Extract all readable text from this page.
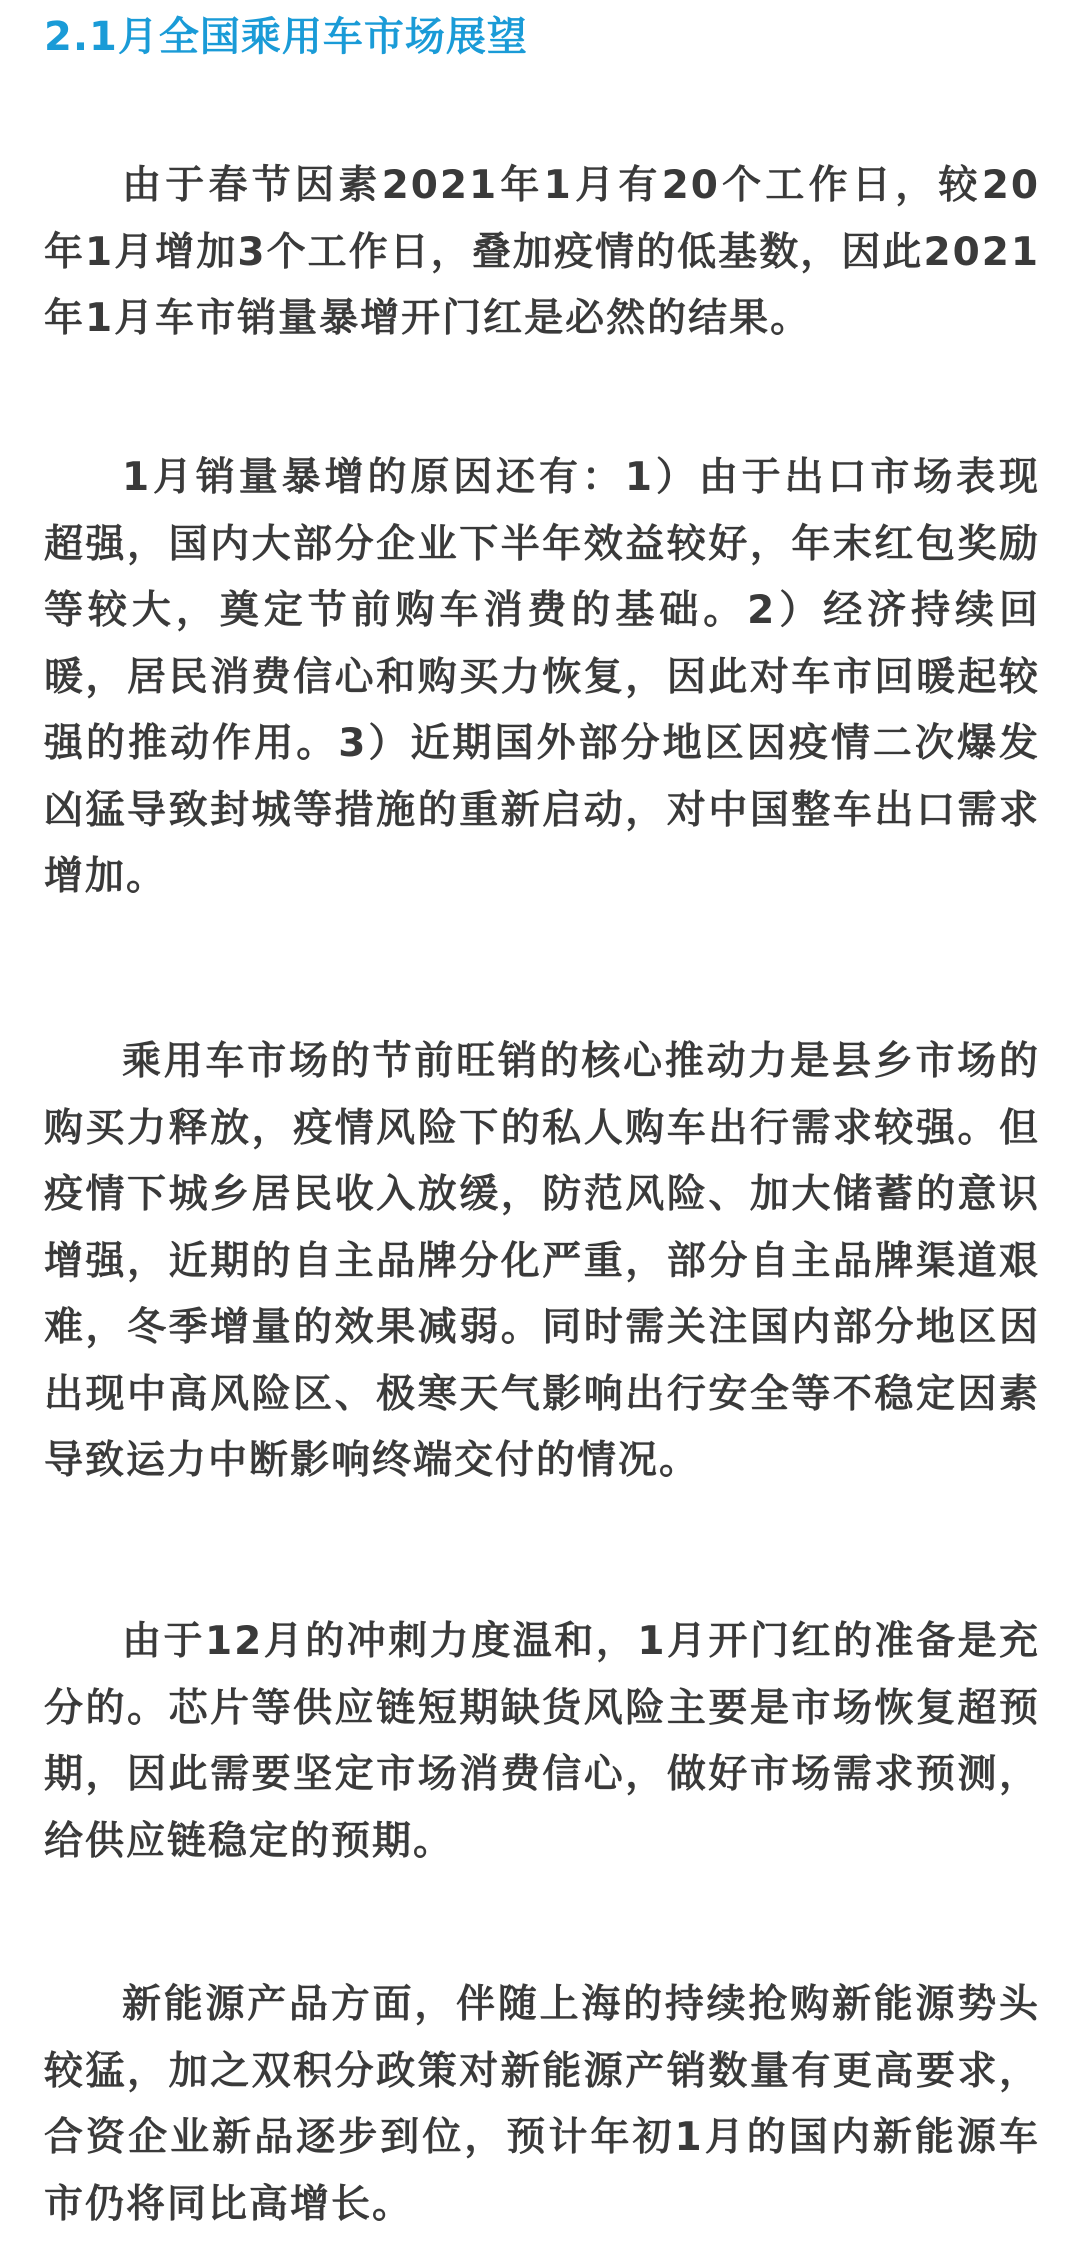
2.1月全国乘用车市场展望

由于春节因素2021年1月有20个工作日，较20年1月增加3个工作日，叠加疫情的低基数，因此2021年1月车市销量暴增开门红是必然的结果。

1月销量暴增的原因还有：1）由于出口市场表现超强，国内大部分企业下半年效益较好，年末红包奖励等较大，奠定节前购车消费的基础。2）经济持续回暖，居民消费信心和购买力恢复，因此对车市回暖起较强的推动作用。3）近期国外部分地区因疫情二次爆发凶猛导致封城等措施的重新启动，对中国整车出口需求增加。

乘用车市场的节前旺销的核心推动力是县乡市场的购买力释放，疫情风险下的私人购车出行需求较强。但疫情下城乡居民收入放缓，防范风险、加大储蓄的意识增强，近期的自主品牌分化严重，部分自主品牌渠道艰难，冬季增量的效果减弱。同时需关注国内部分地区因出现中高风险区、极寒天气影响出行安全等不稳定因素导致运力中断影响终端交付的情况。

由于12月的冲刺力度温和，1月开门红的准备是充分的。芯片等供应链短期缺货风险主要是市场恢复超预期，因此需要坚定市场消费信心，做好市场需求预测，给供应链稳定的预期。

新能源产品方面，伴随上海的持续抢购新能源势头较猛，加之双积分政策对新能源产销数量有更高要求，合资企业新品逐步到位，预计年初1月的国内新能源车市仍将同比高增长。
